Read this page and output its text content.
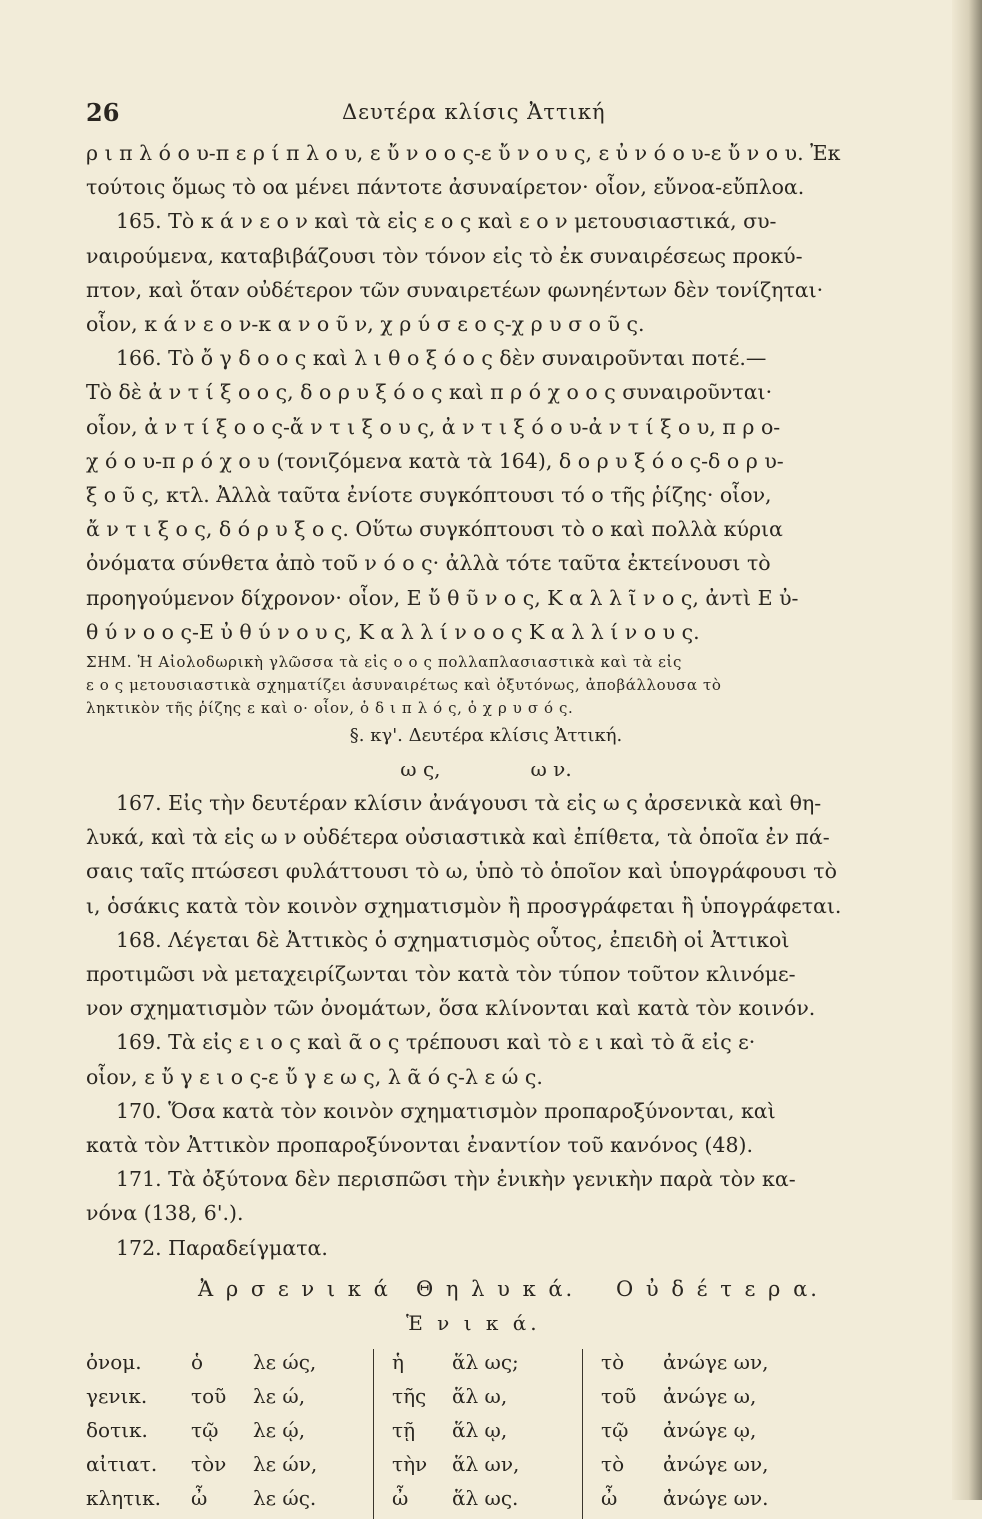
26	Δευτέρα κλίσις Ἀττική

ρ ι π λ ό ο υ-π ε ρ ί π λ ο υ, ε ὔ ν ο ο ς-ε ὔ ν ο υ ς, ε ὐ ν ό ο υ-ε ὔ ν ο υ. Ἐκ

τούτοις ὅμως τὸ οα μένει πάντοτε ἀσυναίρετον· οἷον, εὔνοα-εὔπλοα.

165. Τὸ κ ά ν ε ο ν καὶ τὰ εἰς ε ο ς καὶ ε ο ν μετουσιαστικά, συ-

ναιρούμενα, καταβιβάζουσι τὸν τόνον εἰς τὸ ἐκ συναιρέσεως προκύ-

πτον, καὶ ὅταν οὐδέτερον τῶν συναιρετέων φωνηέντων δὲν τονίζηται·

οἷον, κ ά ν ε ο ν-κ α ν ο ῦ ν, χ ρ ύ σ ε ο ς-χ ρ υ σ ο ῦ ς.

166. Τὸ ὄ γ δ ο ο ς καὶ λ ι θ ο ξ ό ο ς δὲν συναιροῦνται ποτέ.—

Τὸ δὲ ἀ ν τ ί ξ ο ο ς, δ ο ρ υ ξ ό ο ς καὶ π ρ ό χ ο ο ς συναιροῦνται·

οἷον, ἀ ν τ ί ξ ο ο ς-ἄ ν τ ι ξ ο υ ς, ἀ ν τ ι ξ ό ο υ-ἀ ν τ ί ξ ο υ, π ρ ο-

χ ό ο υ-π ρ ό χ ο υ (τονιζόμενα κατὰ τὰ 164), δ ο ρ υ ξ ό ο ς-δ ο ρ υ-

ξ ο ῦ ς, κτλ. Ἀλλὰ ταῦτα ἐνίοτε συγκόπτουσι τό ο τῆς ῥίζης· οἷον,

ἄ ν τ ι ξ ο ς, δ ό ρ υ ξ ο ς. Οὕτω συγκόπτουσι τὸ ο καὶ πολλὰ κύρια

ὀνόματα σύνθετα ἀπὸ τοῦ ν ό ο ς· ἀλλὰ τότε ταῦτα ἐκτείνουσι τὸ

προηγούμενον δίχρονον· οἷον, Ε ὔ θ ῦ ν ο ς, Κ α λ λ ῖ ν ο ς, ἀντὶ Ε ὐ-

θ ύ ν ο ο ς-Ε ὐ θ ύ ν ο υ ς, Κ α λ λ ί ν ο ο ς Κ α λ λ ί ν ο υ ς.

ΣΗΜ. Ἡ Αἰολοδωρικὴ γλῶσσα τὰ εἰς ο ο ς πολλαπλασιαστικὰ καὶ τὰ εἰς
ε ο ς μετουσιαστικὰ σχηματίζει ἀσυναιρέτως καὶ ὀξυτόνως, ἀποβάλλουσα τὸ
ληκτικὸν τῆς ῥίζης ε καὶ ο· οἷον, ὁ δ ι π λ ό ς, ὁ χ ρ υ σ ό ς.
§. κγ'. Δευτέρα κλίσις Ἀττική.
ω ς,	ω ν.

167. Εἰς τὴν δευτέραν κλίσιν ἀνάγουσι τὰ εἰς ω ς ἀρσενικὰ καὶ θη-

λυκά, καὶ τὰ εἰς ω ν οὐδέτερα οὐσιαστικὰ καὶ ἐπίθετα, τὰ ὁποῖα ἐν πά-

σαις ταῖς πτώσεσι φυλάττουσι τὸ ω, ὑπὸ τὸ ὁποῖον καὶ ὑπογράφουσι τὸ

ι, ὁσάκις κατὰ τὸν κοινὸν σχηματισμὸν ἢ προσγράφεται ἢ ὑπογράφεται.

168. Λέγεται δὲ Ἀττικὸς ὁ σχηματισμὸς οὗτος, ἐπειδὴ οἱ Ἀττικοὶ

προτιμῶσι νὰ μεταχειρίζωνται τὸν κατὰ τὸν τύπον τοῦτον κλινόμε-

νον σχηματισμὸν τῶν ὀνομάτων, ὅσα κλίνονται καὶ κατὰ τὸν κοινόν.

169. Τὰ εἰς ε ι ο ς καὶ ᾶ ο ς τρέπουσι καὶ τὸ ε ι καὶ τὸ ᾶ εἰς ε·

οἷον, ε ὔ γ ε ι ο ς-ε ὔ γ ε ω ς, λ ᾶ ό ς-λ ε ώ ς.

170. Ὅσα κατὰ τὸν κοινὸν σχηματισμὸν προπαροξύνονται, καὶ

κατὰ τὸν Ἀττικὸν προπαροξύνονται ἐναντίον τοῦ κανόνος (48).

171. Τὰ ὀξύτονα δὲν περισπῶσι τὴν ἐνικὴν γενικὴν παρὰ τὸν κα-

νόνα (138, 6'.).

172. Παραδείγματα.

Ἀ ρ σ ε ν ι κ ά	Θ η λ υ κ ά.	Ο ὐ δ έ τ ε ρ α.
Ἑ ν ι κ ά.
ὀνομ.	ὁ	λε ώς,	ἡ	ἅλ ως;	τὸ	ἀνώγε ων,
γενικ.	τοῦ	λε ώ,	τῆς	ἅλ ω,	τοῦ	ἀνώγε ω,
δοτικ.	τῷ	λε ῴ,	τῇ	ἅλ ῳ,	τῷ	ἀνώγε ῳ,
αἰτιατ.	τὸν	λε ών,	τὴν	ἅλ ων,	τὸ	ἀνώγε ων,
κλητικ.	ὦ	λε ώς.	ὦ	ἅλ ως.	ὦ	ἀνώγε ων.
